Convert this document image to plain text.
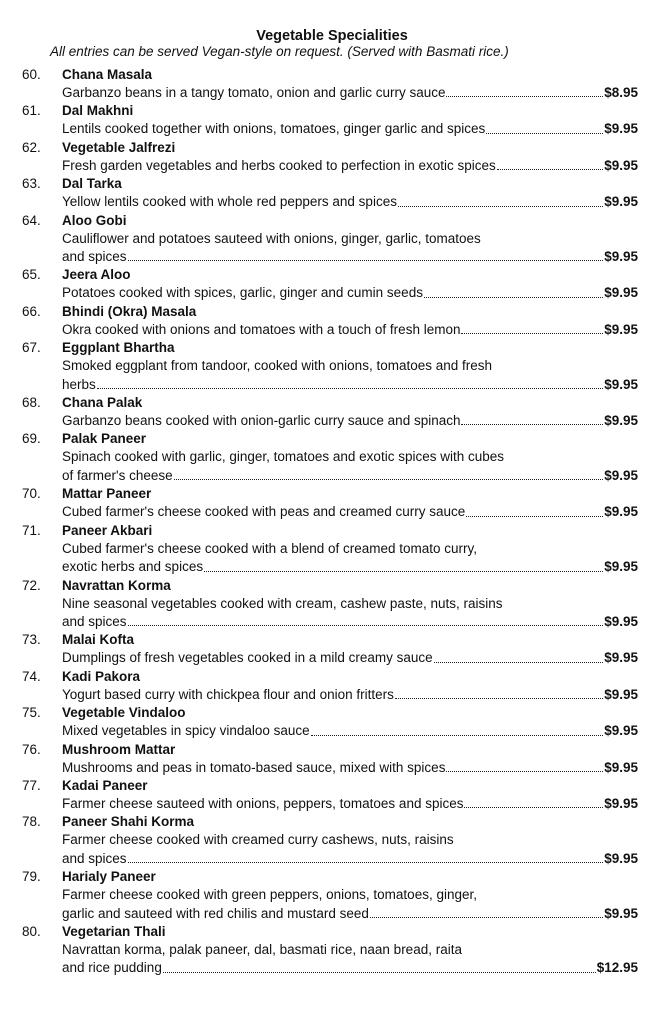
Vegetable Specialities
All entries can be served Vegan-style on request. (Served with Basmati rice.)
60.	Chana Masala
Garbanzo beans in a tangy tomato, onion and garlic curry sauce	$8.95
61.	Dal Makhni
Lentils cooked together with onions, tomatoes, ginger garlic and spices	$9.95
62.	Vegetable Jalfrezi
Fresh garden vegetables and herbs cooked to perfection in exotic spices	$9.95
63.	Dal Tarka
Yellow lentils cooked with whole red peppers and spices	$9.95
64.	Aloo Gobi
Cauliflower and potatoes sauteed with onions, ginger, garlic, tomatoes
and spices	$9.95
65.	Jeera Aloo
Potatoes cooked with spices, garlic, ginger and cumin seeds	$9.95
66.	Bhindi (Okra) Masala
Okra cooked with onions and tomatoes with a touch of fresh lemon	$9.95
67.	Eggplant Bhartha
Smoked eggplant from tandoor, cooked with onions, tomatoes and fresh
herbs	$9.95
68.	Chana Palak
Garbanzo beans cooked with onion-garlic curry sauce and spinach	$9.95
69.	Palak Paneer
Spinach cooked with garlic, ginger, tomatoes and exotic spices with cubes
of farmer's cheese	$9.95
70.	Mattar Paneer
Cubed farmer's cheese cooked with peas and creamed curry sauce	$9.95
71.	Paneer Akbari
Cubed farmer's cheese cooked with a blend of creamed tomato curry,
exotic herbs and spices	$9.95
72.	Navrattan Korma
Nine seasonal vegetables cooked with cream, cashew paste, nuts, raisins
and spices	$9.95
73.	Malai Kofta
Dumplings of fresh vegetables cooked in a mild creamy sauce	$9.95
74.	Kadi Pakora
Yogurt based curry with chickpea flour and onion fritters	$9.95
75.	Vegetable Vindaloo
Mixed vegetables in spicy vindaloo sauce	$9.95
76.	Mushroom Mattar
Mushrooms and peas in tomato-based sauce, mixed with spices	$9.95
77.	Kadai Paneer
Farmer cheese sauteed with onions, peppers, tomatoes and spices	$9.95
78.	Paneer Shahi Korma
Farmer cheese cooked with creamed curry cashews, nuts, raisins
and spices	$9.95
79.	Harialy Paneer
Farmer cheese cooked with green peppers, onions, tomatoes, ginger,
garlic and sauteed with red chilis and mustard seed	$9.95
80.	Vegetarian Thali
Navrattan korma, palak paneer, dal, basmati rice, naan bread, raita
and rice pudding	$12.95
